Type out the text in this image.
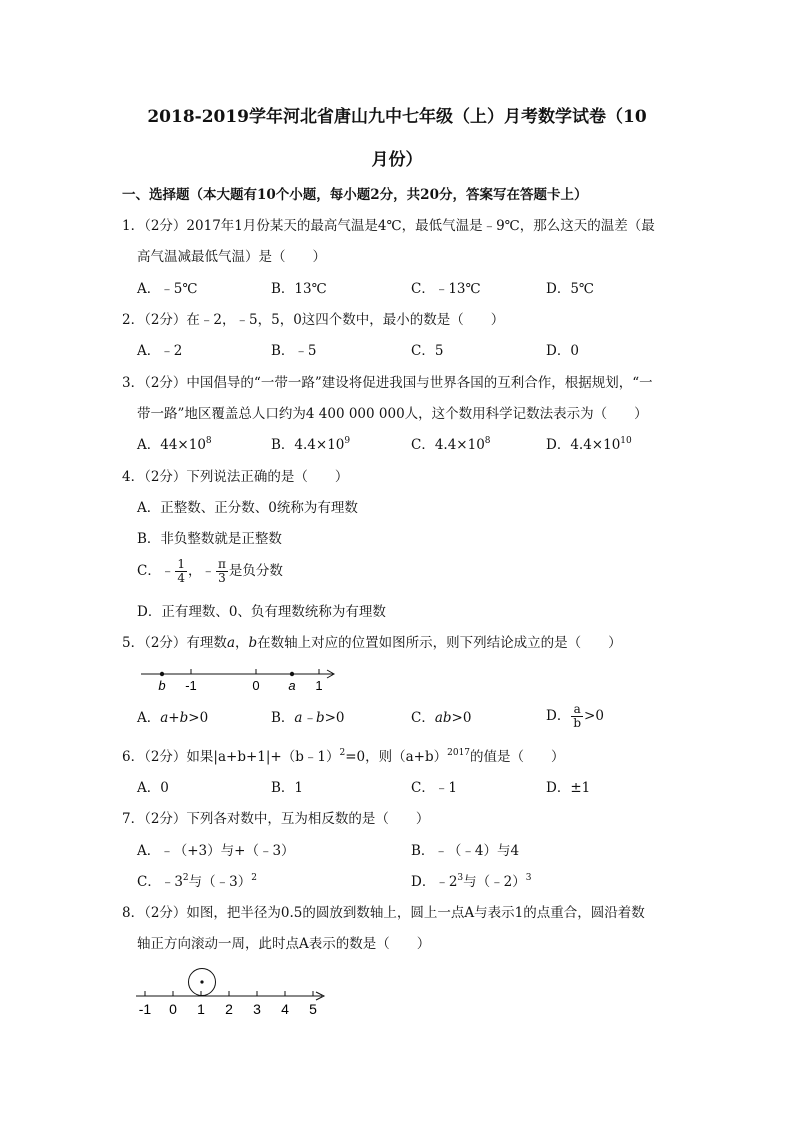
2018-2019学年河北省唐山九中七年级（上）月考数学试卷（10
月份）
一、选择题（本大题有10个小题，每小题2分，共20分，答案写在答题卡上）
1．（2分）2017年1月份某天的最高气温是4℃，最低气温是﹣9℃，那么这天的温差（最
高气温减最低气温）是（　　）
A．﹣5℃	B．13℃	C．﹣13℃	D．5℃
2．（2分）在﹣2，﹣5，5，0这四个数中，最小的数是（　　）
A．﹣2	B．﹣5	C．5	D．0
3．（2分）中国倡导的“一带一路”建设将促进我国与世界各国的互利合作，根据规划，“一
带一路”地区覆盖总人口约为4 400 000 000人，这个数用科学记数法表示为（　　）
A．$44\times 10^8$	B．$4.4\times 10^9$	C．$4.4\times 10^8$	D．$4.4\times 10^{10}$
4．（2分）下列说法正确的是（　　）
A．正整数、正分数、0统称为有理数
B．非负整数就是正整数
C．﹣ $\frac{1}{4}$ ，﹣ $\frac{\pi}{3}$ 是负分数
D．正有理数、0、负有理数统称为有理数
5．（2分）有理数a，b在数轴上对应的位置如图所示，则下列结论成立的是（　　）
b -1	0 a 1
A．a+b>0	B．a﹣b>0	C．ab>0	D． $\frac{a}{b} >0$
6．（2分）如果|a+b+1|+（b﹣1）$^2$=0，则$(a+b)^{2017}$的值是（　　）
A．0	B．1	C．﹣1	D．±1
7．（2分）下列各对数中，互为相反数的是（　　）
A．﹣（+3）与+（﹣3）	B．﹣（﹣4）与4
C．$﹣3^2$与（﹣3）$^2$	D．$﹣2^3$与（﹣2）$^3$
8．（2分）如图，把半径为0.5的圆放到数轴上，圆上一点A与表示1的点重合，圆沿着数
轴正方向滚动一周，此时点A表示的数是（　　）
-1 0 1 2 3 4 5
